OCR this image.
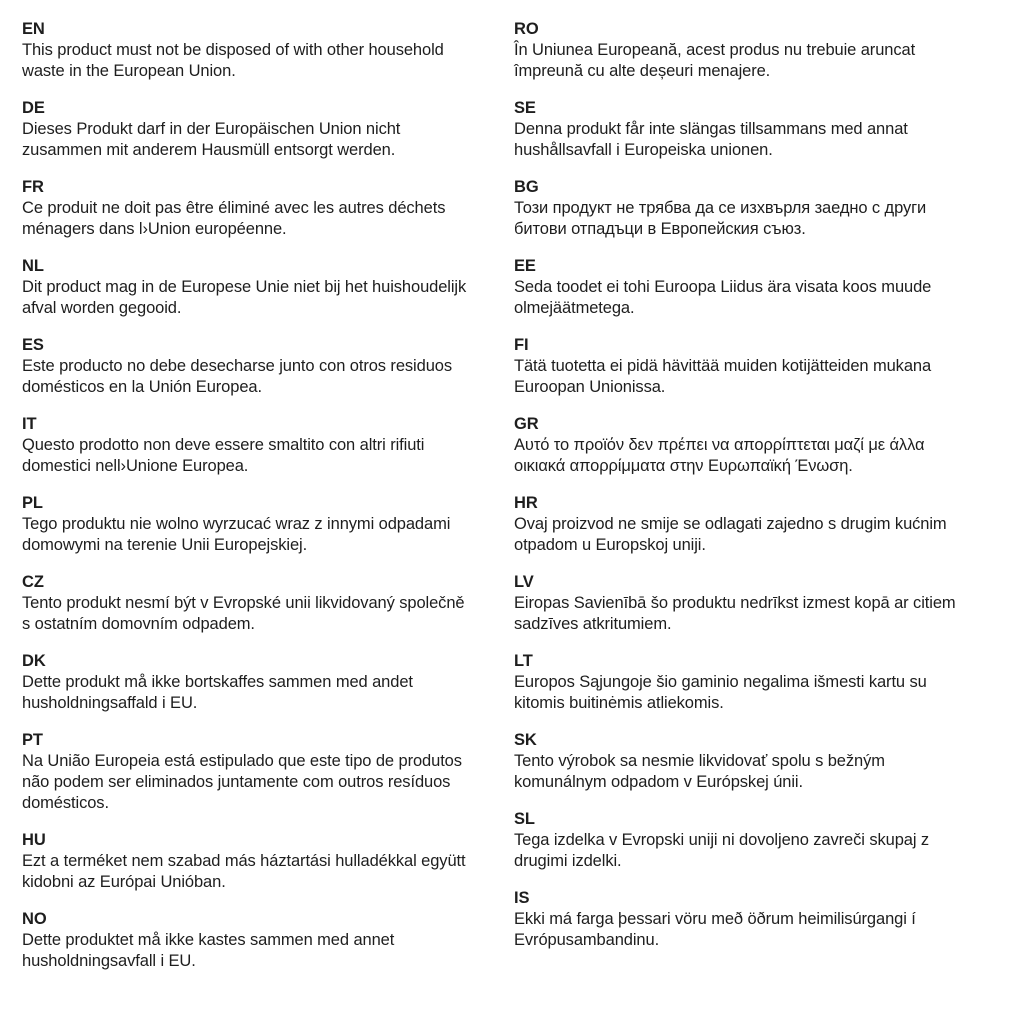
EN
This product must not be disposed of with other household
waste in the European Union.
DE
Dieses Produkt darf in der Europäischen Union nicht
zusammen mit anderem Hausmüll entsorgt werden.
FR
Ce produit ne doit pas être éliminé avec les autres déchets
ménagers dans l›Union européenne.
NL
Dit product mag in de Europese Unie niet bij het huishoudelijk
afval worden gegooid.
ES
Este producto no debe desecharse junto con otros residuos
domésticos en la Unión Europea.
IT
Questo prodotto non deve essere smaltito con altri rifiuti
domestici nell›Unione Europea.
PL
Tego produktu nie wolno wyrzucać wraz z innymi odpadami
domowymi na terenie Unii Europejskiej.
CZ
Tento produkt nesmí být v Evropské unii likvidovaný společně
s ostatním domovním odpadem.
DK
Dette produkt må ikke bortskaffes sammen med andet
husholdningsaffald i EU.
PT
Na União Europeia está estipulado que este tipo de produtos
não podem ser eliminados juntamente com outros resíduos
domésticos.
HU
Ezt a terméket nem szabad más háztartási hulladékkal együtt
kidobni az Európai Unióban.
NO
Dette produktet må ikke kastes sammen med annet
husholdningsavfall i EU.
RO
În Uniunea Europeană, acest produs nu trebuie aruncat
împreună cu alte deșeuri menajere.
SE
Denna produkt får inte slängas tillsammans med annat
hushållsavfall i Europeiska unionen.
BG
Този продукт не трябва да се изхвърля заедно с други
битови отпадъци в Европейския съюз.
EE
Seda toodet ei tohi Euroopa Liidus ära visata koos muude
olmejäätmetega.
FI
Tätä tuotetta ei pidä hävittää muiden kotijätteiden mukana
Euroopan Unionissa.
GR
Αυτό το προϊόν δεν πρέπει να απορρίπτεται μαζί με άλλα
οικιακά απορρίμματα στην Ευρωπαϊκή Ένωση.
HR
Ovaj proizvod ne smije se odlagati zajedno s drugim kućnim
otpadom u Europskoj uniji.
LV
Eiropas Savienībā šo produktu nedrīkst izmest kopā ar citiem
sadzīves atkritumiem.
LT
Europos Sąjungoje šio gaminio negalima išmesti kartu su
kitomis buitinėmis atliekomis.
SK
Tento výrobok sa nesmie likvidovať spolu s bežným
komunálnym odpadom v Európskej únii.
SL
Tega izdelka v Evropski uniji ni dovoljeno zavreči skupaj z
drugimi izdelki.
IS
Ekki má farga þessari vöru með öðrum heimilisúrgangi í
Evrópusambandinu.
